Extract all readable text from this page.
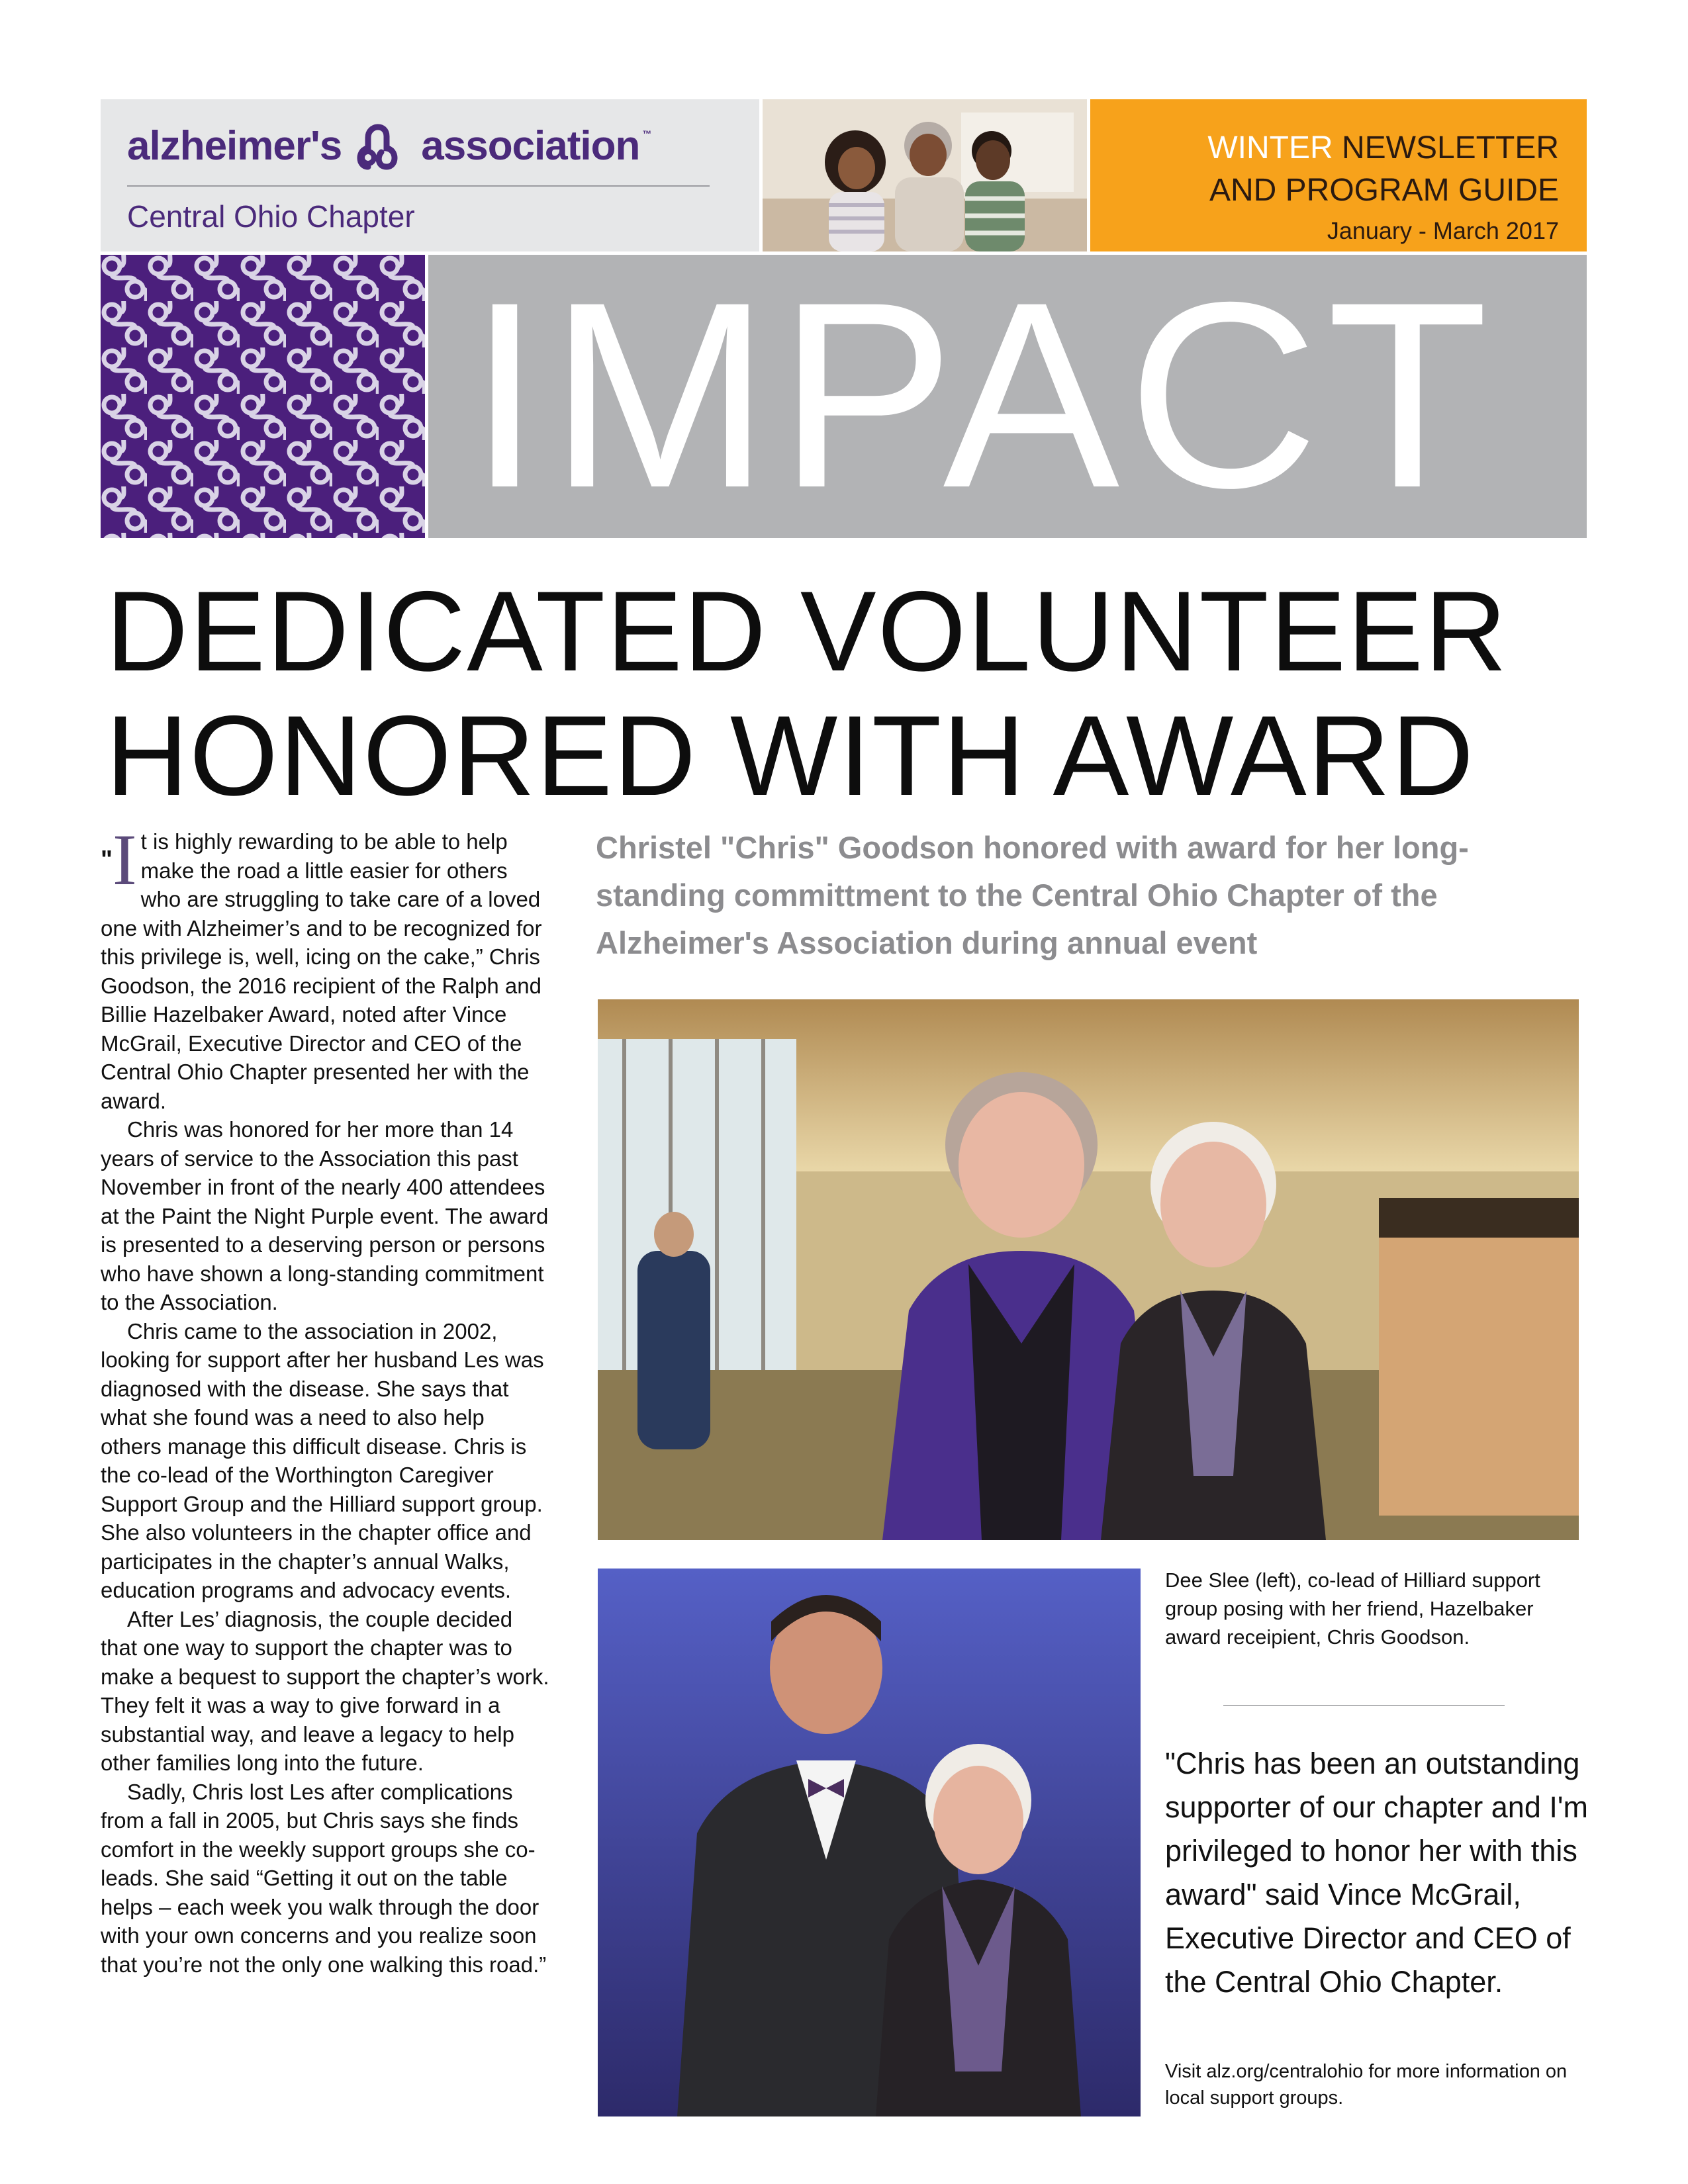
alzheimer's association ™
Central Ohio Chapter
WINTER NEWSLETTER
AND PROGRAM GUIDE
January - March 2017
IMPACT
DEDICATED VOLUNTEER
HONORED WITH AWARD

"I t is highly rewarding to be able to help make the road a little easier for others who are struggling to take care of a loved one with Alzheimer’s and to be recognized for this privilege is, well, icing on the cake,” Chris Goodson, the 2016 recipient of the Ralph and Billie Hazelbaker Award, noted after Vince McGrail, Executive Director and CEO of the Central Ohio Chapter presented her with the award.

Chris was honored for her more than 14 years of service to the Association this past November in front of the nearly 400 attendees at the Paint the Night Purple event. The award is presented to a deserving person or persons who have shown a long-standing commitment to the Association.

Chris came to the association in 2002, looking for support after her husband Les was diagnosed with the disease. She says that what she found was a need to also help others manage this difficult disease. Chris is the co-lead of the Worthington Caregiver Support Group and the Hilliard support group. She also volunteers in the chapter office and participates in the chapter’s annual Walks, education programs and advocacy events.

After Les’ diagnosis, the couple decided that one way to support the chapter was to make a bequest to support the chapter’s work. They felt it was a way to give forward in a substantial way, and leave a legacy to help other families long into the future.

Sadly, Chris lost Les after complications from a fall in 2005, but Chris says she finds comfort in the weekly support groups she co-leads. She said “Getting it out on the table helps – each week you walk through the door with your own concerns and you realize soon that you’re not the only one walking this road.”

Christel "Chris" Goodson honored with award for her long-standing committment to the Central Ohio Chapter of the Alzheimer's Association during annual event
Dee Slee (left), co-lead of Hilliard support group posing with her friend, Hazelbaker award receipient, Chris Goodson.
"Chris has been an outstanding supporter of our chapter and I'm privileged to honor her with this award" said Vince McGrail, Executive Director and CEO of the Central Ohio Chapter.
Visit alz.org/centralohio for more information on local support groups.
